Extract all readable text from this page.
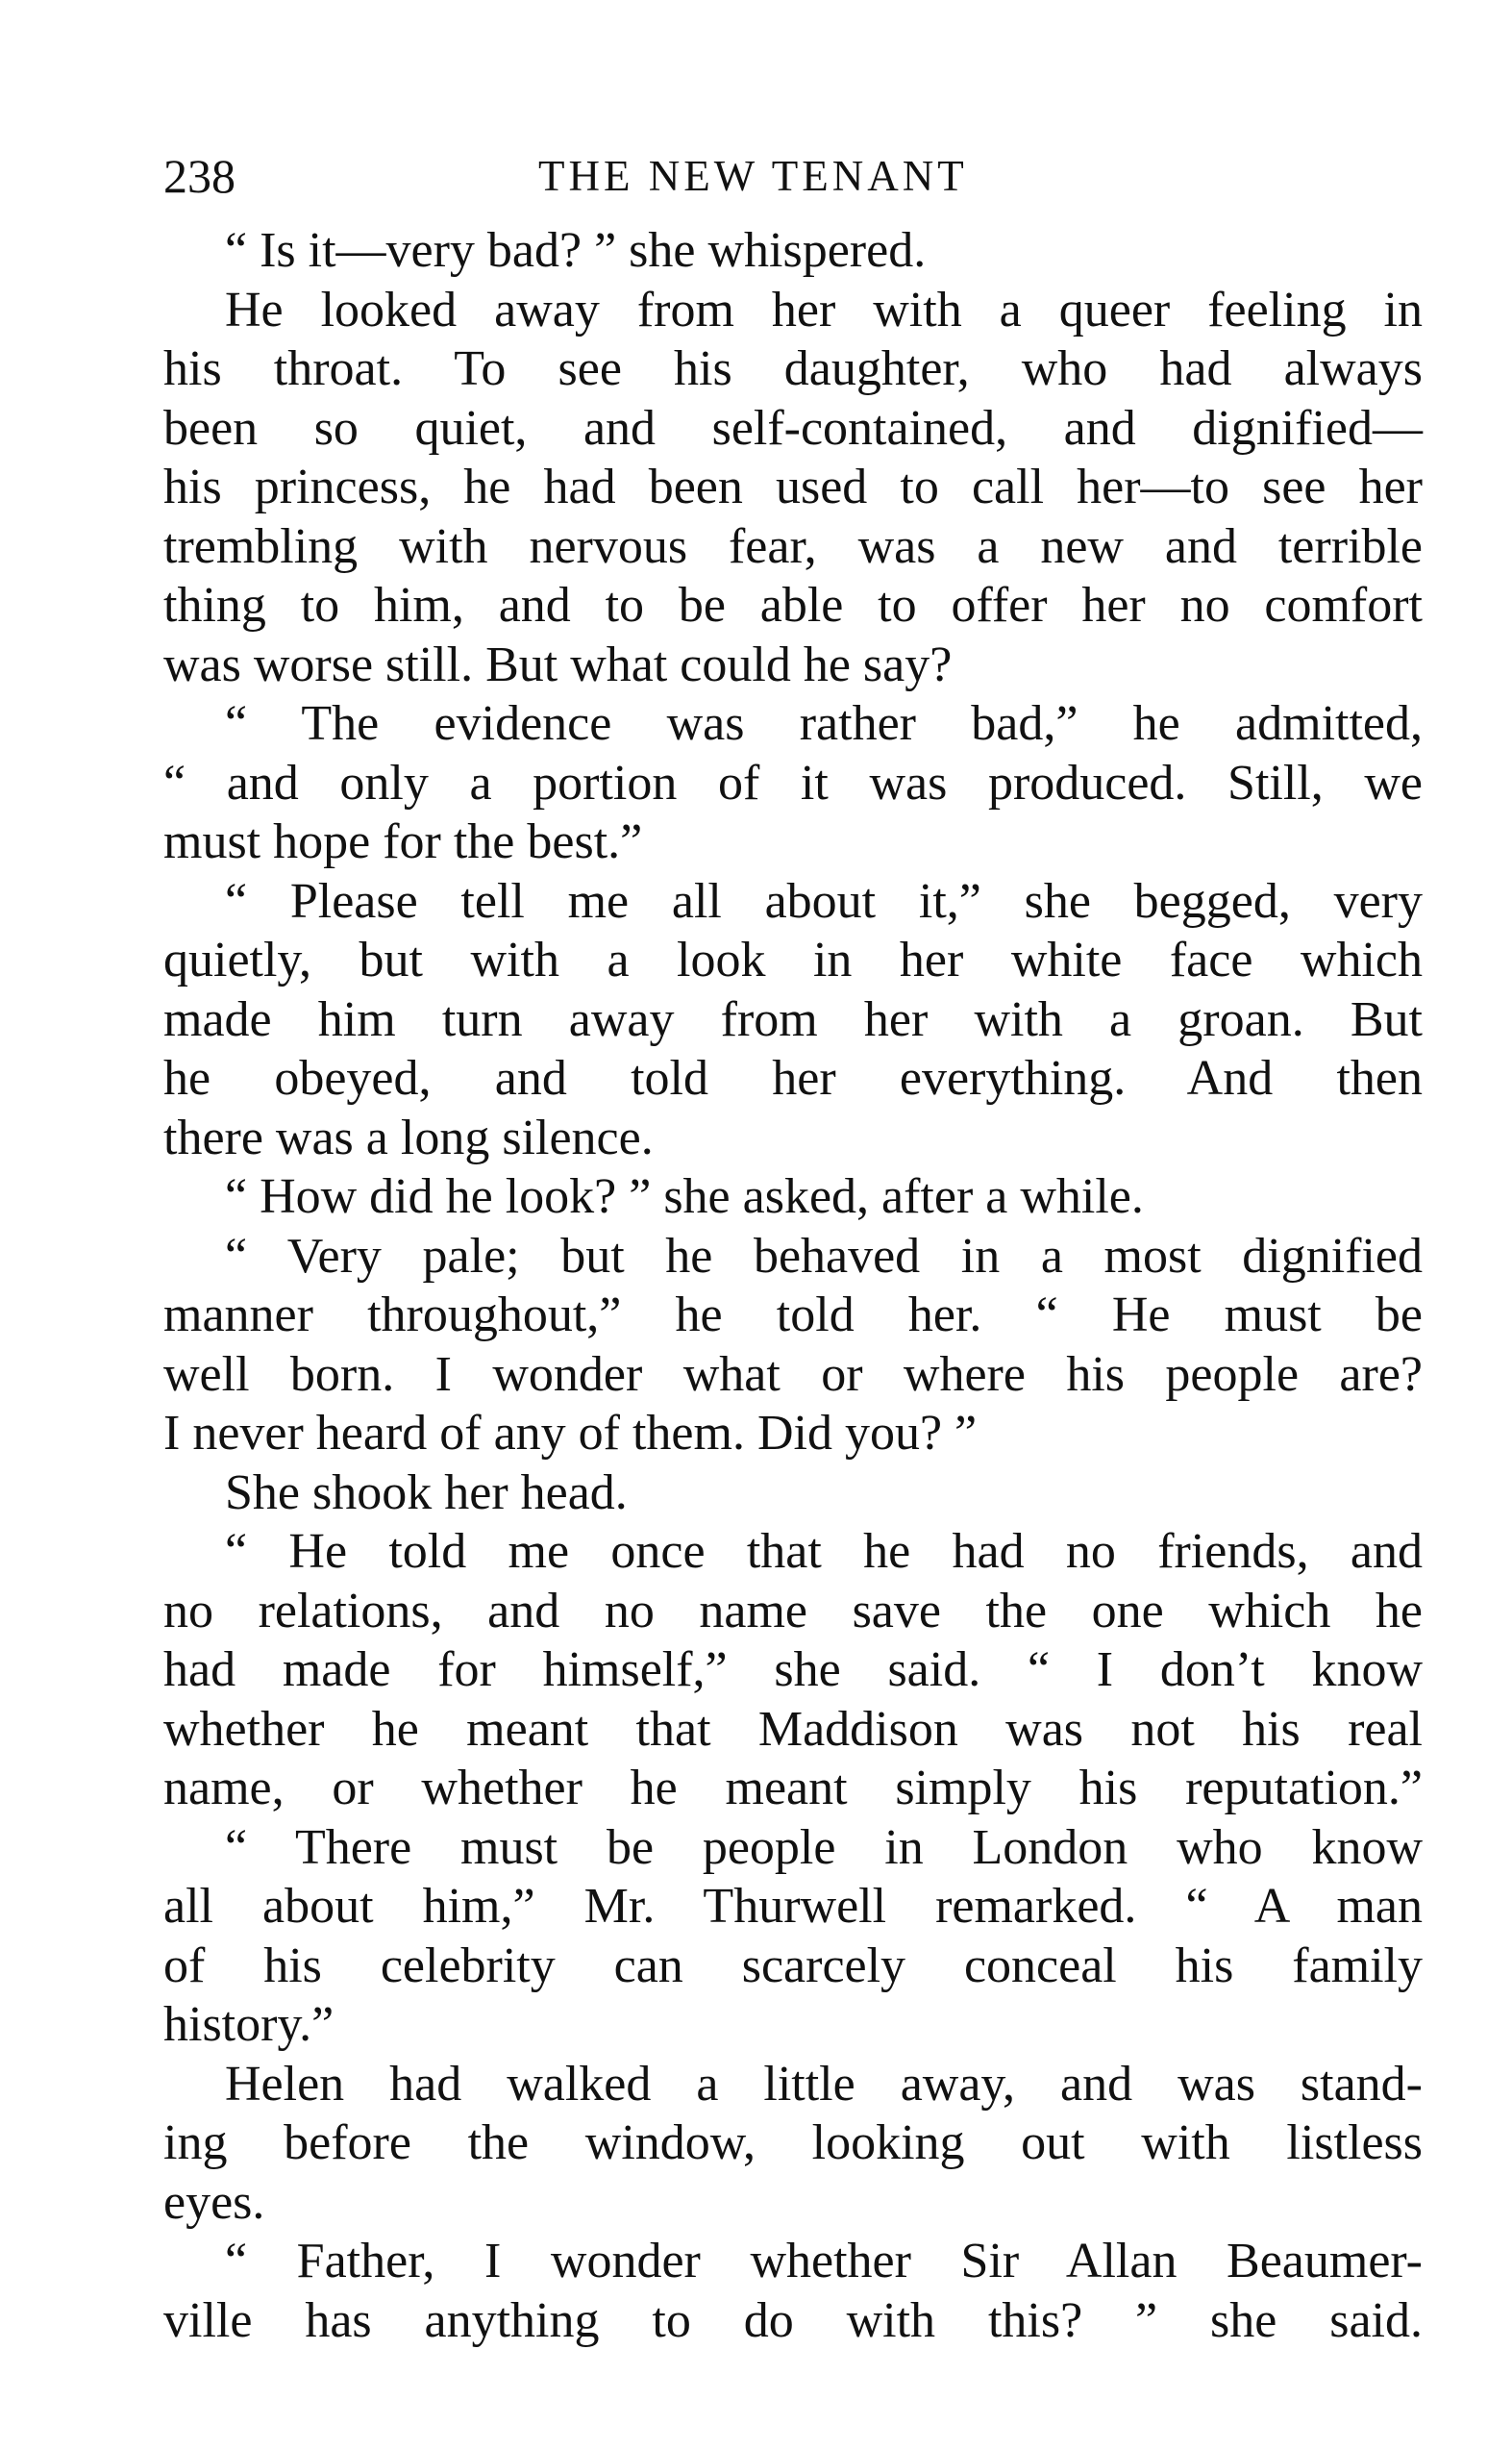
238	THE NEW TENANT
“ Is it—very bad? ” she whispered.
He looked away from her with a queer feeling in
his throat. To see his daughter, who had always
been so quiet, and self-contained, and dignified—
his princess, he had been used to call her—to see her
trembling with nervous fear, was a new and terrible
thing to him, and to be able to offer her no comfort
was worse still. But what could he say?
“ The evidence was rather bad,” he admitted,
“ and only a portion of it was produced. Still, we
must hope for the best.”
“ Please tell me all about it,” she begged, very
quietly, but with a look in her white face which
made him turn away from her with a groan. But
he obeyed, and told her everything. And then
there was a long silence.
“ How did he look? ” she asked, after a while.
“ Very pale; but he behaved in a most dignified
manner throughout,” he told her. “ He must be
well born. I wonder what or where his people are?
I never heard of any of them. Did you? ”
She shook her head.
“ He told me once that he had no friends, and
no relations, and no name save the one which he
had made for himself,” she said. “ I don’t know
whether he meant that Maddison was not his real
name, or whether he meant simply his reputation.”
“ There must be people in London who know
all about him,” Mr. Thurwell remarked. “ A man
of his celebrity can scarcely conceal his family
history.”
Helen had walked a little away, and was stand-
ing before the window, looking out with listless
eyes.
“ Father, I wonder whether Sir Allan Beaumer-
ville has anything to do with this? ” she said.
